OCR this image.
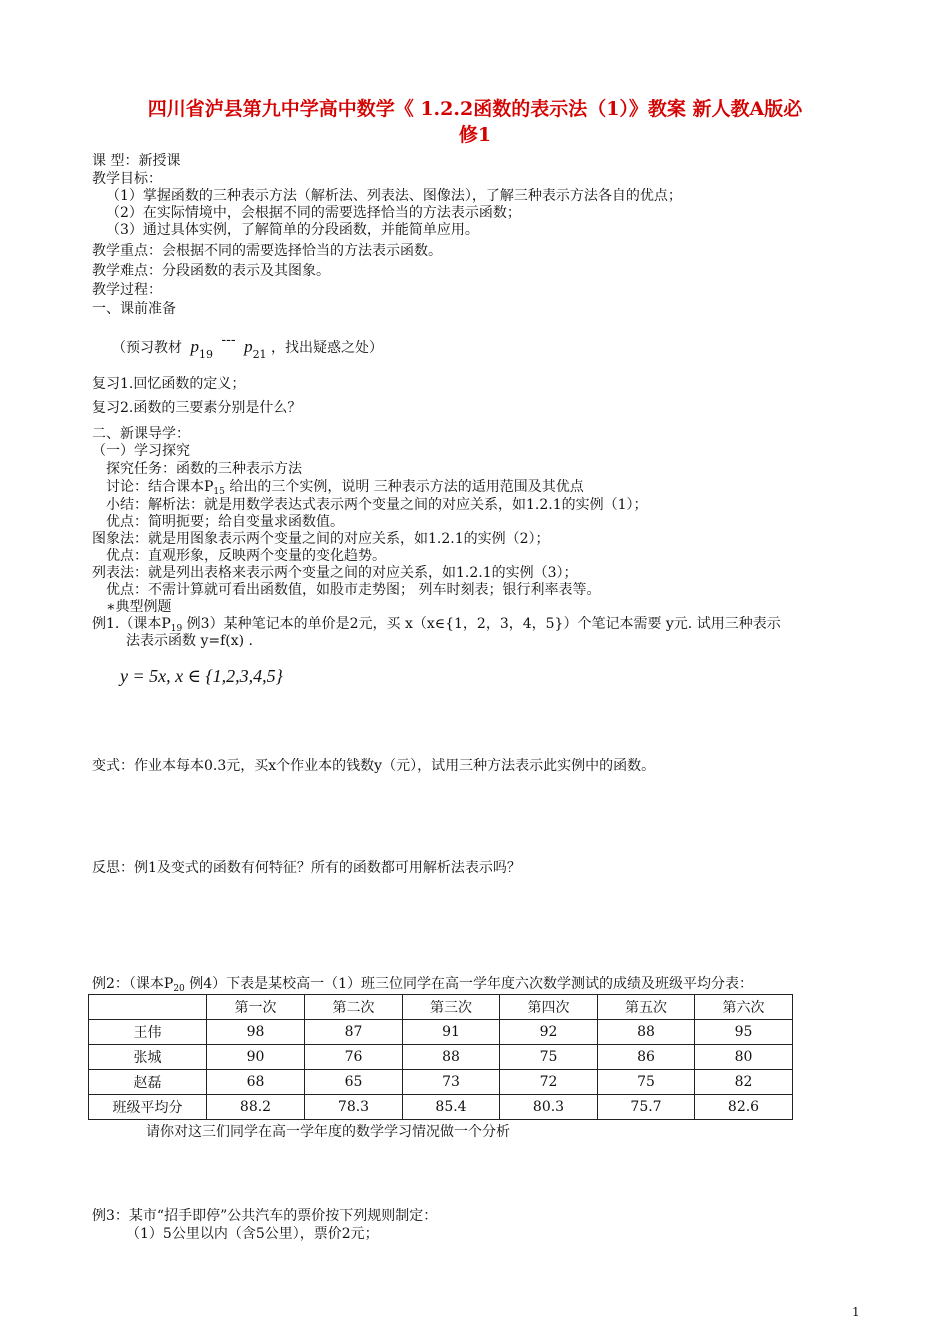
四川省泸县第九中学高中数学《 1.2.2函数的表示法（1）》教案 新人教A版必
修1
课 型：新授课
教学目标：
（1）掌握函数的三种表示方法（解析法、列表法、图像法），了解三种表示方法各自的优点；
（2）在实际情境中，会根据不同的需要选择恰当的方法表示函数；
（3）通过具体实例，了解简单的分段函数，并能简单应用。
教学重点：会根据不同的需要选择恰当的方法表示函数。
教学难点：分段函数的表示及其图象。
教学过程：
一、课前准备
（预习教材 $p_{19}$ --- $p_{21}$ ，找出疑惑之处）
复习1.回忆函数的定义；
复习2.函数的三要素分别是什么？
二、新课导学：
（一）学习探究
探究任务：函数的三种表示方法
讨论：结合课本$P_{15}$ 给出的三个实例，说明 三种表示方法的适用范围及其优点
小结：解析法：就是用数学表达式表示两个变量之间的对应关系，如1.2.1的实例（1）；
优点：简明扼要；给自变量求函数值。
图象法：就是用图象表示两个变量之间的对应关系，如1.2.1的实例（2）；
优点：直观形象，反映两个变量的变化趋势。
列表法：就是列出表格来表示两个变量之间的对应关系，如1.2.1的实例（3）；
优点：不需计算就可看出函数值，如股市走势图； 列车时刻表；银行利率表等。
∗典型例题
例1.（课本$P_{19}$ 例3）某种笔记本的单价是2元，买 x（x∈{1，2，3，4，5}）个笔记本需要 y元. 试用三种表示
法表示函数 y=f(x) .
y = 5x, x ∈ {1,2,3,4,5}
变式：作业本每本0.3元，买x个作业本的钱数y（元），试用三种方法表示此实例中的函数。
反思：例1及变式的函数有何特征？所有的函数都可用解析法表示吗？
例2：（课本$P_{20}$ 例4）下表是某校高一（1）班三位同学在高一学年度六次数学测试的成绩及班级平均分表：
	第一次	第二次	第三次	第四次	第五次	第六次
王伟	98	87	91	92	88	95
张城	90	76	88	75	86	80
赵磊	68	65	73	72	75	82
班级平均分	88.2	78.3	85.4	80.3	75.7	82.6
请你对这三们同学在高一学年度的数学学习情况做一个分析
例3：某市“招手即停”公共汽车的票价按下列规则制定：
（1）5公里以内（含5公里），票价2元；
1
